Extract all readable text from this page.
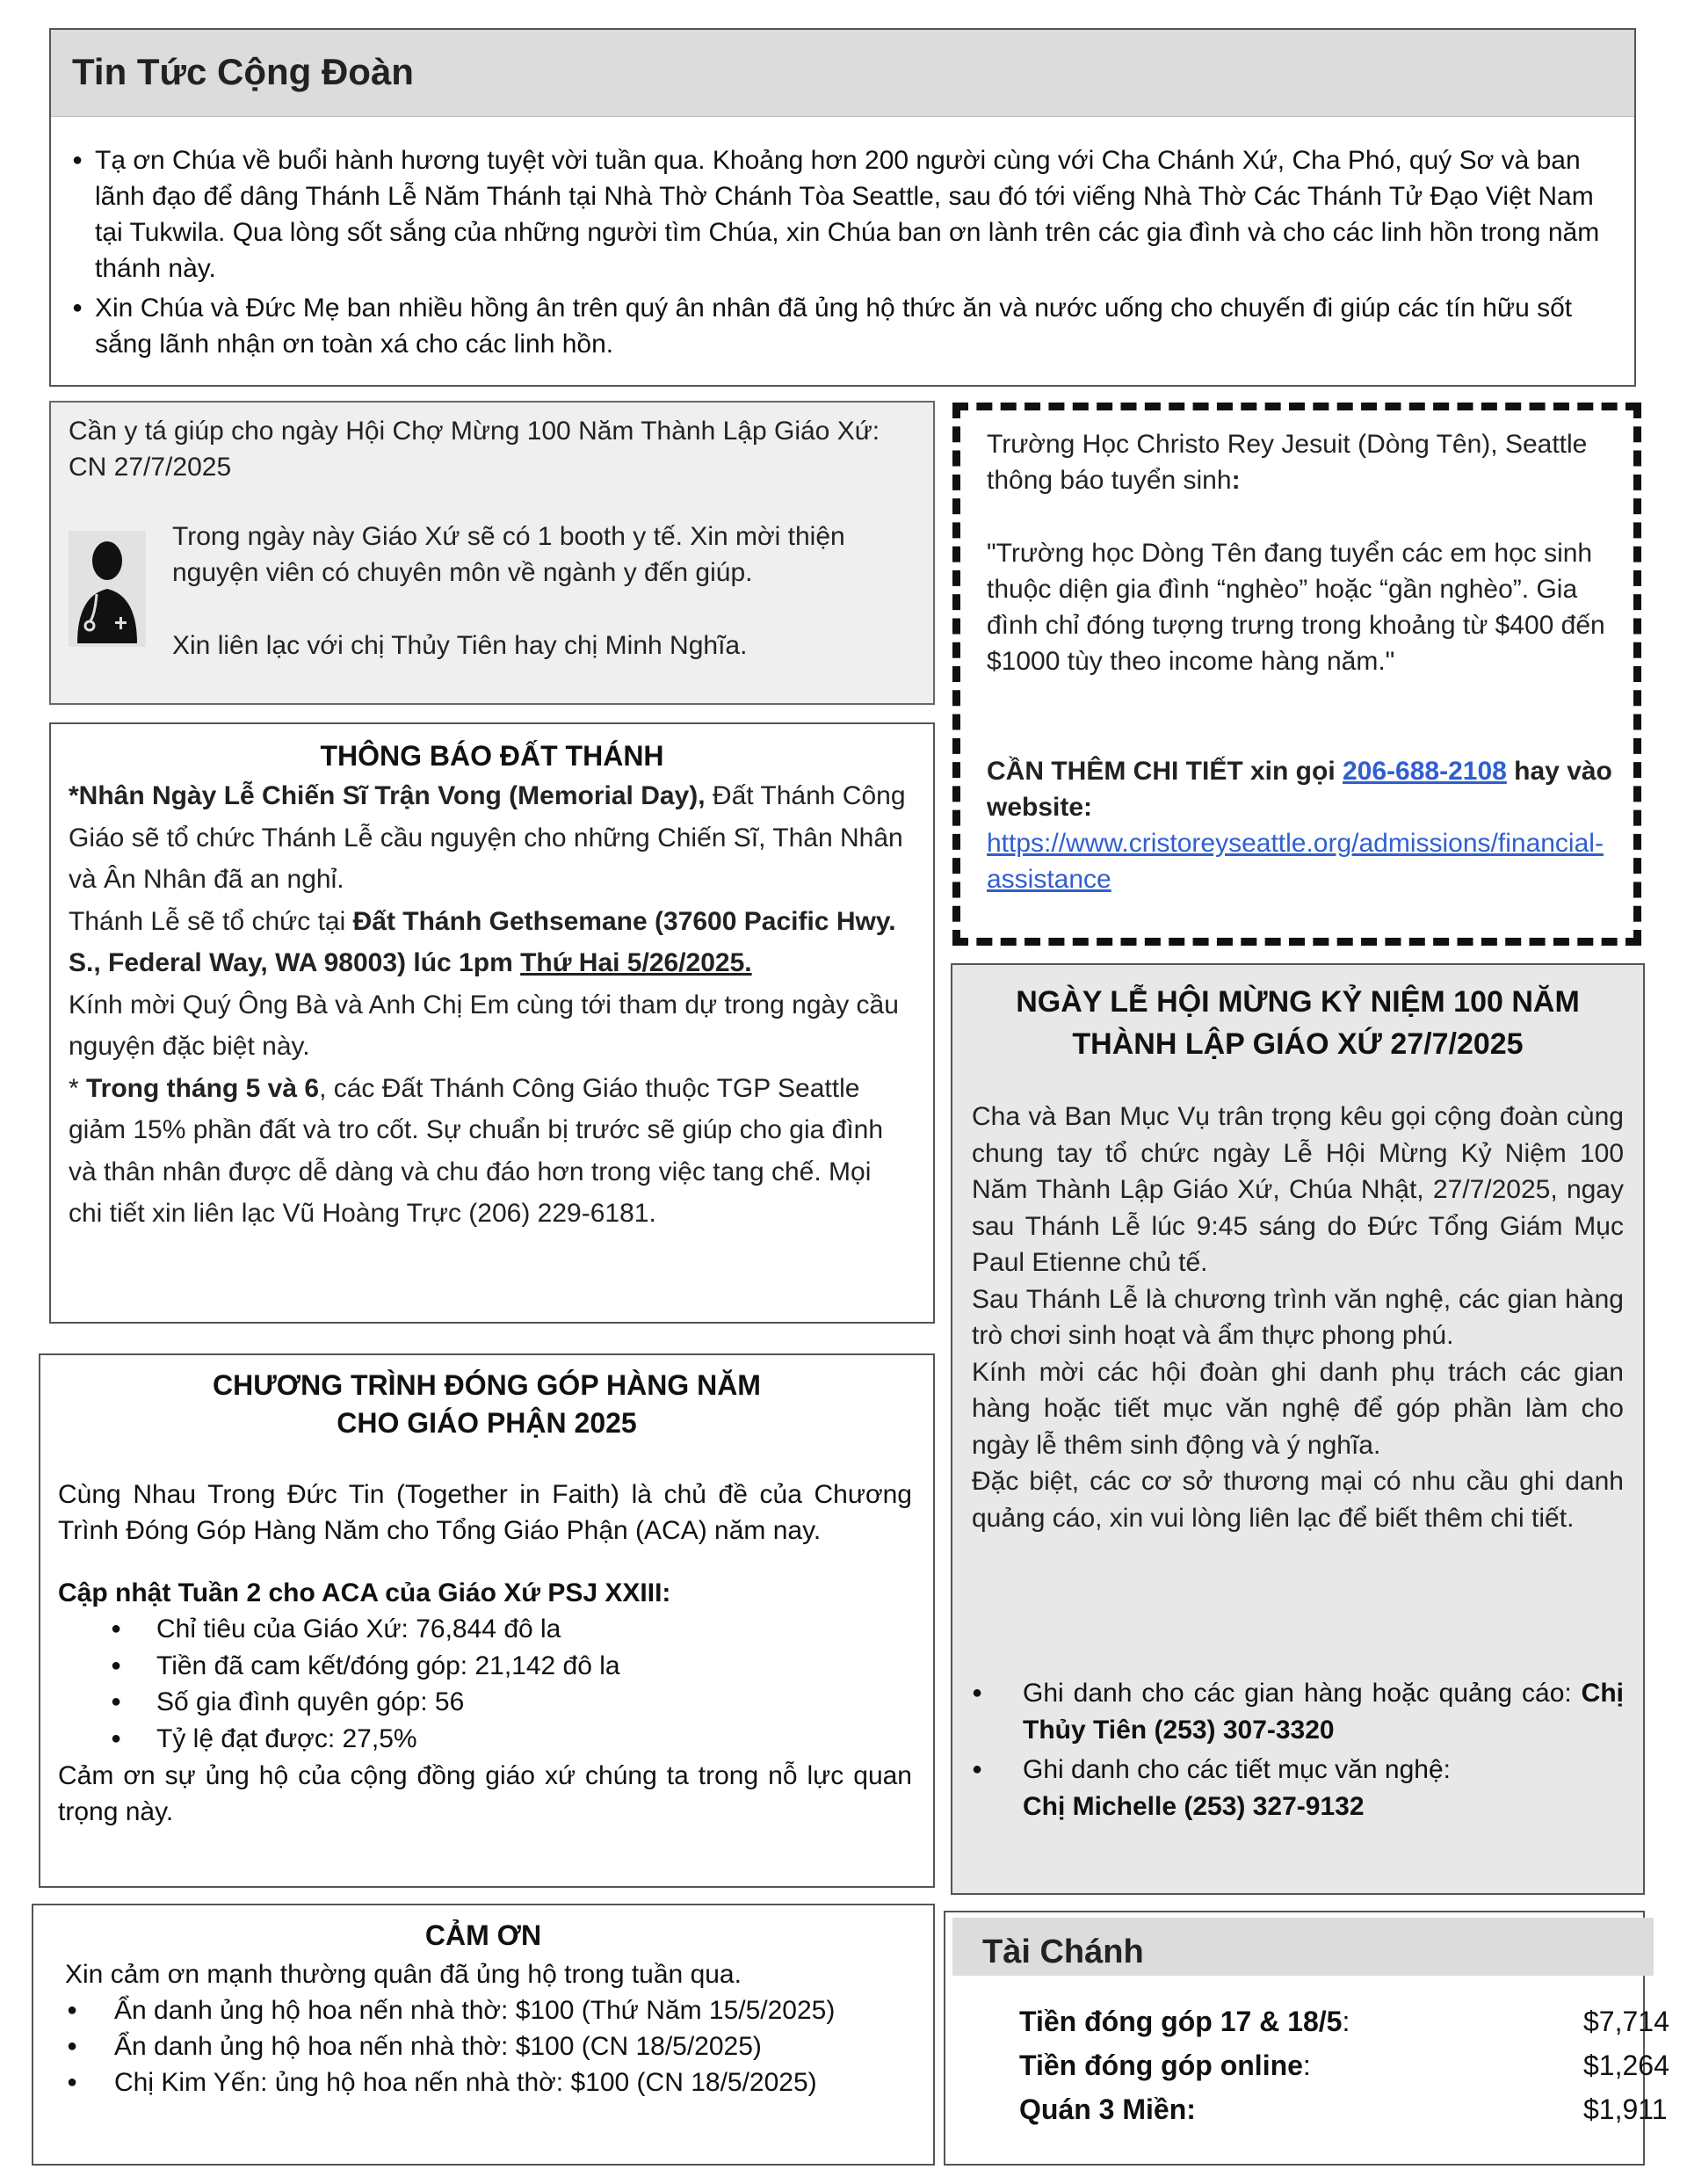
Tin Tức Cộng Đoàn
● Tạ ơn Chúa về buổi hành hương tuyệt vời tuần qua. Khoảng hơn 200 người cùng với Cha Chánh Xứ, Cha Phó, quý Sơ và ban lãnh đạo để dâng Thánh Lễ Năm Thánh tại Nhà Thờ Chánh Tòa Seattle, sau đó tới viếng Nhà Thờ Các Thánh Tử Đạo Việt Nam tại Tukwila. Qua lòng sốt sắng của những người tìm Chúa, xin Chúa ban ơn lành trên các gia đình và cho các linh hồn trong năm thánh này.
● Xin Chúa và Đức Mẹ ban nhiều hồng ân trên quý ân nhân đã ủng hộ thức ăn và nước uống cho chuyến đi giúp các tín hữu sốt sắng lãnh nhận ơn toàn xá cho các linh hồn.
Cần y tá giúp cho ngày Hội Chợ Mừng 100 Năm Thành Lập Giáo Xứ: CN 27/7/2025
Trong ngày này Giáo Xứ sẽ có 1 booth y tế. Xin mời thiện nguyện viên có chuyên môn về ngành y đến giúp.
Xin liên lạc với chị Thủy Tiên hay chị Minh Nghĩa.
Trường Học Christo Rey Jesuit (Dòng Tên), Seattle thông báo tuyển sinh:
"Trường học Dòng Tên đang tuyển các em học sinh thuộc diện gia đình “nghèo” hoặc “gần nghèo”. Gia đình chỉ đóng tượng trưng trong khoảng từ $400 đến $1000 tùy theo income hàng năm."
CẦN THÊM CHI TIẾT xin gọi 206-688-2108 hay vào website:
https://www.cristoreyseattle.org/admissions/financial-assistance
THÔNG BÁO ĐẤT THÁNH
*Nhân Ngày Lễ Chiến Sĩ Trận Vong (Memorial Day), Đất Thánh Công Giáo sẽ tổ chức Thánh Lễ cầu nguyện cho những Chiến Sĩ, Thân Nhân và Ân Nhân đã an nghỉ.
Thánh Lễ sẽ tổ chức tại Đất Thánh Gethsemane (37600 Pacific Hwy. S., Federal Way, WA 98003) lúc 1pm Thứ Hai 5/26/2025.
Kính mời Quý Ông Bà và Anh Chị Em cùng tới tham dự trong ngày cầu nguyện đặc biệt này.
* Trong tháng 5 và 6, các Đất Thánh Công Giáo thuộc TGP Seattle giảm 15% phần đất và tro cốt. Sự chuẩn bị trước sẽ giúp cho gia đình và thân nhân được dễ dàng và chu đáo hơn trong việc tang chế. Mọi chi tiết xin liên lạc Vũ Hoàng Trực (206) 229-6181.
CHƯƠNG TRÌNH ĐÓNG GÓP HÀNG NĂM
CHO GIÁO PHẬN 2025
Cùng Nhau Trong Đức Tin (Together in Faith) là chủ đề của Chương Trình Đóng Góp Hàng Năm cho Tổng Giáo Phận (ACA) năm nay.
Cập nhật Tuần 2 cho ACA của Giáo Xứ PSJ XXIII:
● Chỉ tiêu của Giáo Xứ: 76,844 đô la
● Tiền đã cam kết/đóng góp: 21,142 đô la
● Số gia đình quyên góp: 56
● Tỷ lệ đạt được: 27,5%
Cảm ơn sự ủng hộ của cộng đồng giáo xứ chúng ta trong nỗ lực quan trọng này.
CẢM ƠN
Xin cảm ơn mạnh thường quân đã ủng hộ trong tuần qua.
● Ẩn danh ủng hộ hoa nến nhà thờ: $100 (Thứ Năm 15/5/2025)
● Ẩn danh ủng hộ hoa nến nhà thờ: $100 (CN 18/5/2025)
● Chị Kim Yến: ủng hộ hoa nến nhà thờ: $100 (CN 18/5/2025)
NGÀY LỄ HỘI MỪNG KỶ NIỆM 100 NĂM
THÀNH LẬP GIÁO XỨ 27/7/2025

Cha và Ban Mục Vụ trân trọng kêu gọi cộng đoàn cùng chung tay tổ chức ngày Lễ Hội Mừng Kỷ Niệm 100 Năm Thành Lập Giáo Xứ, Chúa Nhật, 27/7/2025, ngay sau Thánh Lễ lúc 9:45 sáng do Đức Tổng Giám Mục Paul Etienne chủ tế.

Sau Thánh Lễ là chương trình văn nghệ, các gian hàng trò chơi sinh hoạt và ẩm thực phong phú.

Kính mời các hội đoàn ghi danh phụ trách các gian hàng hoặc tiết mục văn nghệ để góp phần làm cho ngày lễ thêm sinh động và ý nghĩa.

Đặc biệt, các cơ sở thương mại có nhu cầu ghi danh quảng cáo, xin vui lòng liên lạc để biết thêm chi tiết.

● Ghi danh cho các gian hàng hoặc quảng cáo: Chị Thủy Tiên (253) 307-3320
● Ghi danh cho các tiết mục văn nghệ:
Chị Michelle (253) 327-9132
Tài Chánh
Tiền đóng góp 17 & 18/5:	$7,714
Tiền đóng góp online:	$1,264
Quán 3 Miền:	$1,911
